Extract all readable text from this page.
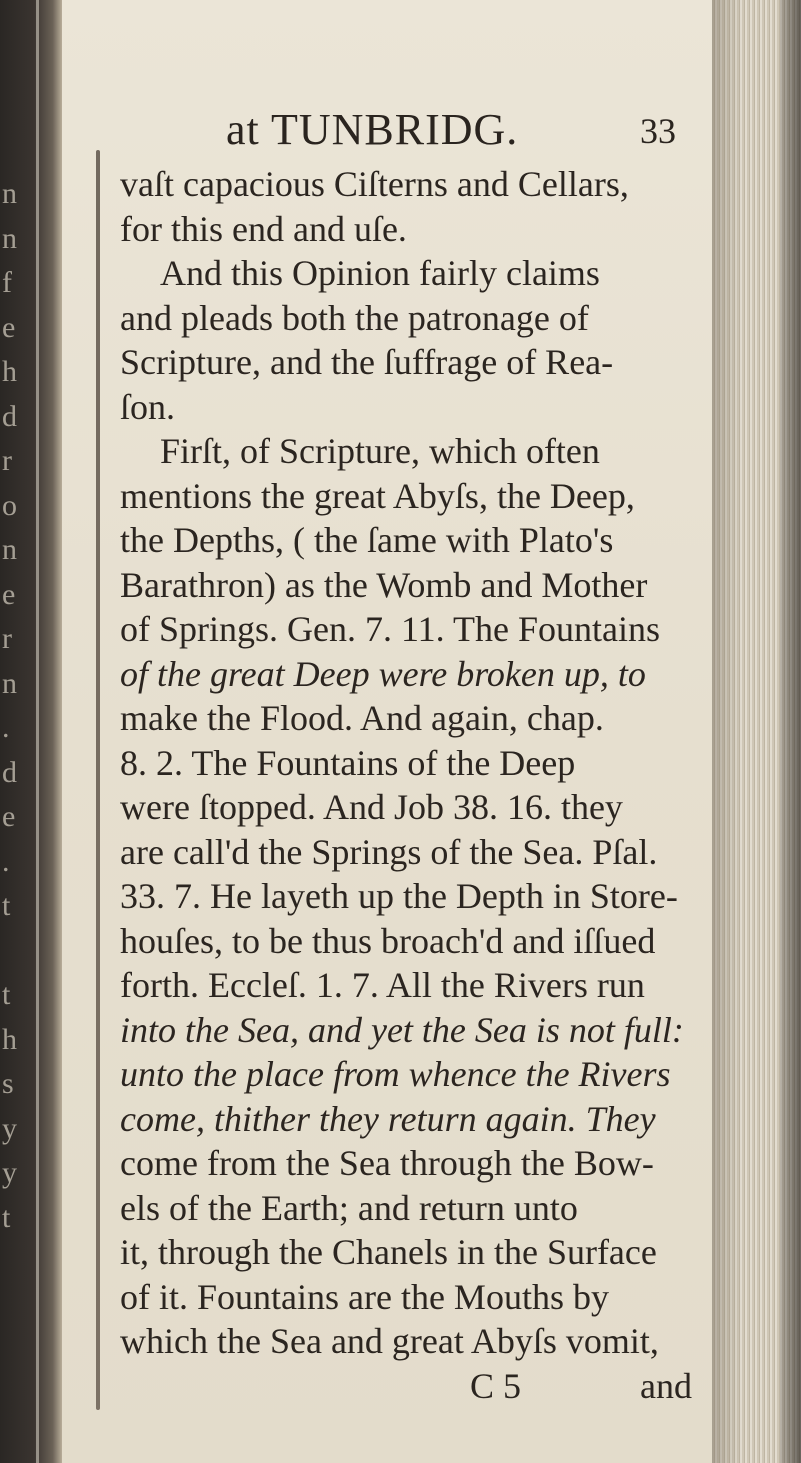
n
n
f
e
h
d
r
o
n
e
r
n
.
d
e
.
t
t
h
s
y
y
t
at TUNBRIDG.	33
vaſt capacious Ciſterns and Cellars,
for this end and uſe.
And this Opinion fairly claims
and pleads both the patronage of
Scripture, and the ſuffrage of Rea-
ſon.
Firſt, of Scripture, which often
mentions the great Abyſs, the Deep,
the Depths, ( the ſame with Plato's
Barathron) as the Womb and Mother
of Springs. Gen. 7. 11. The Fountains
of the great Deep were broken up, to
make the Flood. And again, chap.
8. 2. The Fountains of the Deep
were ſtopped. And Job 38. 16. they
are call'd the Springs of the Sea. Pſal.
33. 7. He layeth up the Depth in Store-
houſes, to be thus broach'd and iſſued
forth. Eccleſ. 1. 7. All the Rivers run
into the Sea, and yet the Sea is not full:
unto the place from whence the Rivers
come, thither they return again. They
come from the Sea through the Bow-
els of the Earth; and return unto
it, through the Chanels in the Surface
of it. Fountains are the Mouths by
which the Sea and great Abyſs vomit,
C 5	and
